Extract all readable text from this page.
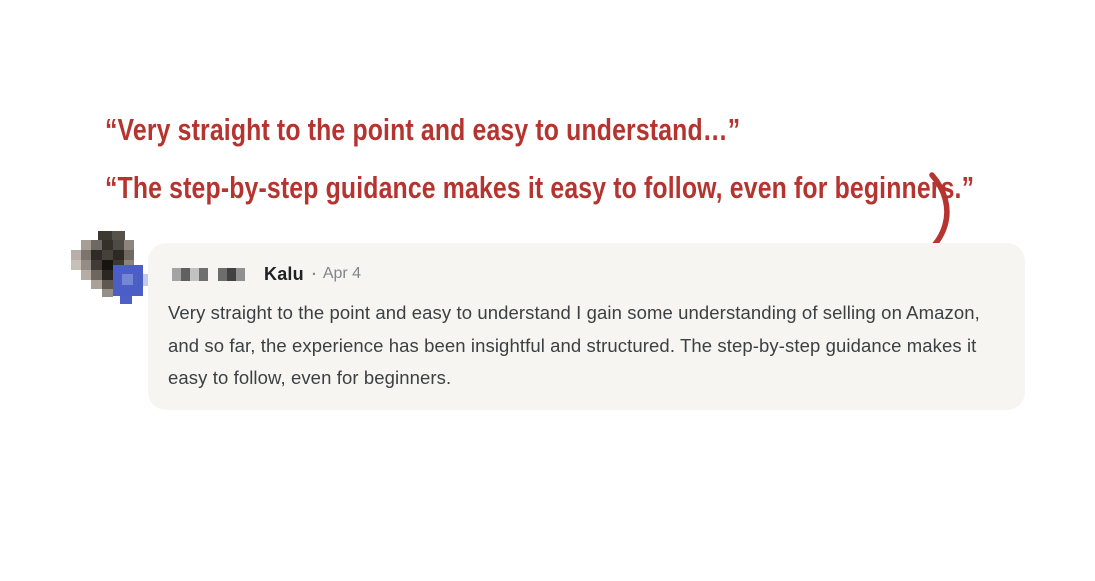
“Very straight to the point and easy to understand…”
“The step-by-step guidance makes it easy to follow, even for beginners.”
Kalu · Apr 4
Very straight to the point and easy to understand I gain some understanding of selling on Amazon, and so far, the experience has been insightful and structured. The step-by-step guidance makes it easy to follow, even for beginners.
